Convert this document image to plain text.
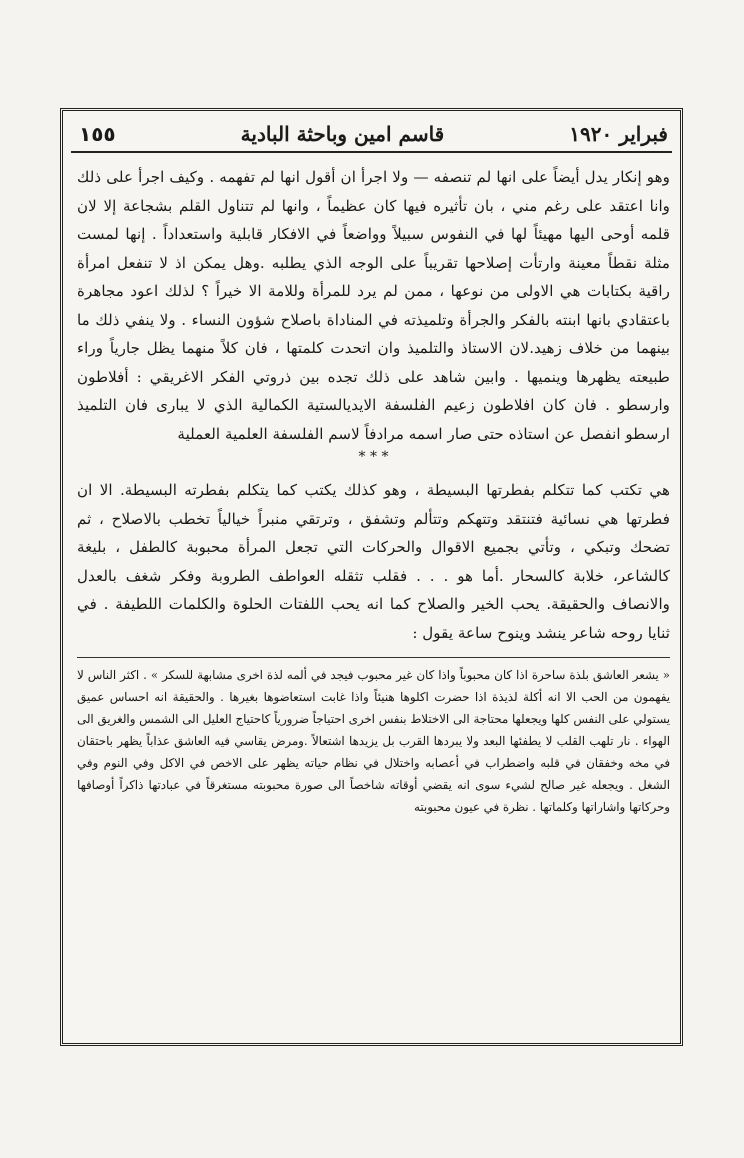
فبراير ١٩٢٠
قاسم امين وباحثة البادية
١٥٥

وهو إنكار يدل أيضاً على انها لم تنصفه — ولا اجرأ ان أقول انها لم تفهمه . وكيف اجرأ على ذلك وانا اعتقد على رغم مني ، بان تأثيره فيها كان عظيماً ، وانها لم تتناول القلم بشجاعة إلا لان قلمه أوحى اليها مهيئاً لها في النفوس سبيلاً وواضعاً في الافكار قابلية واستعداداً . إنها لمست مثلة نقطاً معينة وارتأت إصلاحها تقريباً على الوجه الذي يطلبه .وهل يمكن اذ لا تنفعل امرأة راقية بكتابات هي الاولى من نوعها ، ممن لم يرد للمرأة وللامة الا خيراً ؟ لذلك اعود مجاهرة باعتقادي بانها ابنته بالفكر والجرأة وتلميذته في المناداة باصلاح شؤون النساء . ولا ينفي ذلك ما بينهما من خلاف زهيد.لان الاستاذ والتلميذ وان اتحدت كلمتها ، فان كلاً منهما يظل جارياً وراء طبيعته يظهرها وينميها . وابين شاهد على ذلك تجده بين ذروتي الفكر الاغريقي : أفلاطون وارسطو . فان كان افلاطون زعيم الفلسفة الايديالستية الكمالية الذي لا يبارى فان التلميذ ارسطو انفصل عن استاذه حتى صار اسمه مرادفاً لاسم الفلسفة العلمية العملية

* * *

هي تكتب كما تتكلم بفطرتها البسيطة ، وهو كذلك يكتب كما يتكلم بفطرته البسيطة. الا ان فطرتها هي نسائية فتنتقد وتتهكم وتتألم وتشفق ، وترتقي منبراً خيالياً تخطب بالاصلاح ، ثم تضحك وتبكي ، وتأتي بجميع الاقوال والحركات التي تجعل المرأة محبوبة كالطفل ، بليغة كالشاعر، خلابة كالسحار .أما هو . . . فقلب تثقله العواطف الطروبة وفكر شغف بالعدل والانصاف والحقيقة. يحب الخير والصلاح كما انه يحب اللفتات الحلوة والكلمات اللطيفة . في ثنايا روحه شاعر ينشد وينوح ساعة يقول :

« يشعر العاشق بلذة ساحرة اذا كان محبوباً واذا كان غير محبوب فيجد في ألمه لذة اخرى مشابهة للسكر » . اكثر الناس لا يفهمون من الحب الا انه أكلة لذيذة اذا حضرت اكلوها هنيئاً واذا غابت استعاضوها بغيرها . والحقيقة انه احساس عميق يستولي على النفس كلها ويجعلها محتاجة الى الاختلاط بنفس اخرى احتياجاً ضرورياً كاحتياج العليل الى الشمس والغريق الى الهواء . نار تلهب القلب لا يطفئها البعد ولا يبردها القرب بل يزيدها اشتعالاً .ومرض يقاسي فيه العاشق عذاباً يظهر باحتقان في مخه وخفقان في قلبه واضطراب في أعصابه واختلال في نظام حياته يظهر على الاخص في الاكل وفي النوم وفي الشغل . ويجعله غير صالح لشيء سوى انه يقضي أوقاته شاخصاً الى صورة محبوبته مستغرقاً في عبادتها ذاكراً أوصافها وحركاتها واشاراتها وكلماتها . نظرة في عيون محبوبته
